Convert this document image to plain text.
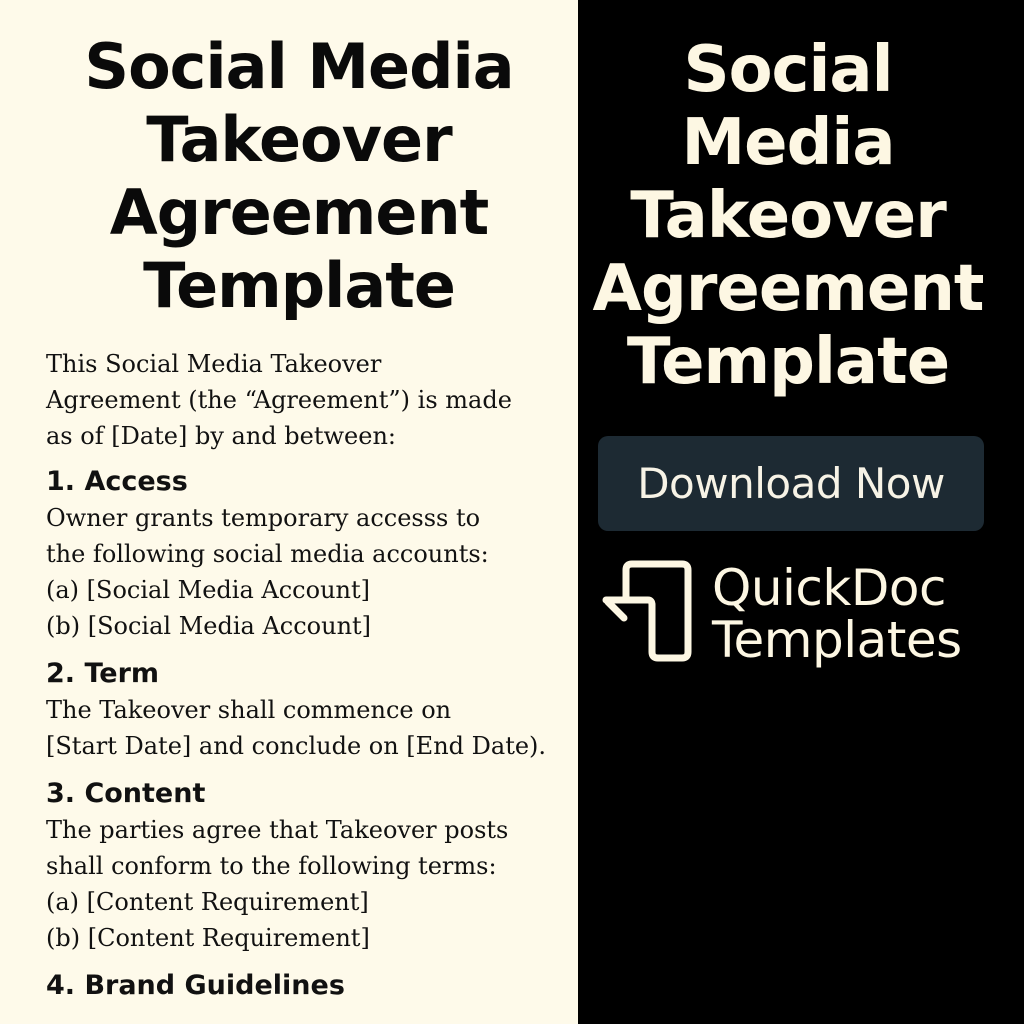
Social Media Takeover Agreement Template

This Social Media Takeover
Agreement (the “Agreement”) is made
as of [Date] by and between:

1. Access

Owner grants temporary accesss to
the following social media accounts:
(a) [Social Media Account]
(b) [Social Media Account]

2. Term

The Takeover shall commence on
[Start Date] and conclude on [End Date).

3. Content

The parties agree that Takeover posts
shall conform to the following terms:
(a) [Content Requirement]
(b) [Content Requirement]

4. Brand Guidelines
Social Media Takeover Agreement Template
Download Now
QuickDoc
Templates
